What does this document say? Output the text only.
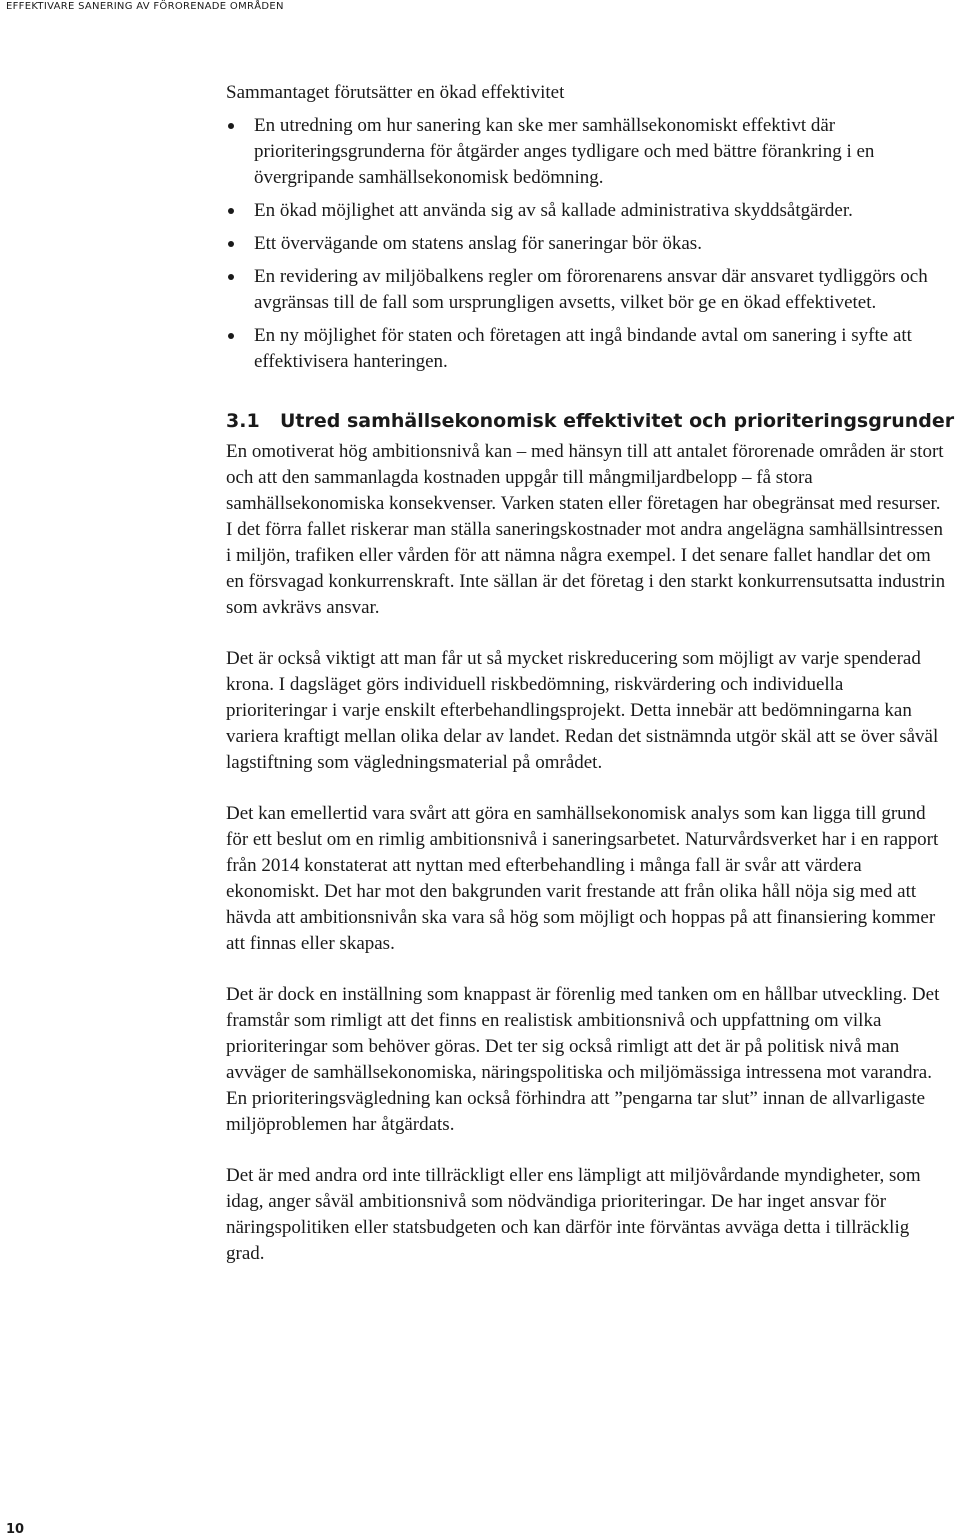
EFFEKTIVARE SANERING AV FÖRORENADE OMRÅDEN

Sammantaget förutsätter en ökad effektivitet

En utredning om hur sanering kan ske mer samhällsekonomiskt effektivt där prioriteringsgrunderna för åtgärder anges tydligare och med bättre förankring i en övergripande samhällsekonomisk bedömning.
En ökad möjlighet att använda sig av så kallade administrativa skyddsåtgärder.
Ett övervägande om statens anslag för saneringar bör ökas.
En revidering av miljöbalkens regler om förorenarens ansvar där ansvaret tydliggörs och avgränsas till de fall som ursprungligen avsetts, vilket bör ge en ökad effektivetet.
En ny möjlighet för staten och företagen att ingå bindande avtal om sanering i syfte att effektivisera hanteringen.
3.1 Utred samhällsekonomisk effektivitet och prioriteringsgrunder

En omotiverat hög ambitionsnivå kan – med hänsyn till att antalet förorenade områden är stort och att den sammanlagda kostnaden uppgår till mångmiljardbelopp – få stora samhällsekonomiska konsekvenser. Varken staten eller företagen har obegränsat med resurser. I det förra fallet riskerar man ställa saneringskostnader mot andra angelägna samhällsintressen i miljön, trafiken eller vården för att nämna några exempel. I det senare fallet handlar det om en försvagad konkurrenskraft. Inte sällan är det företag i den starkt konkurrensutsatta industrin som avkrävs ansvar.

Det är också viktigt att man får ut så mycket riskreducering som möjligt av varje spenderad krona. I dagsläget görs individuell riskbedömning, riskvärdering och individuella prioriteringar i varje enskilt efterbehandlingsprojekt. Detta innebär att bedömningarna kan variera kraftigt mellan olika delar av landet. Redan det sistnämnda utgör skäl att se över såväl lagstiftning som vägledningsmaterial på området.

Det kan emellertid vara svårt att göra en samhällsekonomisk analys som kan ligga till grund för ett beslut om en rimlig ambitionsnivå i saneringsarbetet. Naturvårdsverket har i en rapport från 2014 konstaterat att nyttan med efterbehandling i många fall är svår att värdera ekonomiskt. Det har mot den bakgrunden varit frestande att från olika håll nöja sig med att hävda att ambitionsnivån ska vara så hög som möjligt och hoppas på att finansiering kommer att finnas eller skapas.

Det är dock en inställning som knappast är förenlig med tanken om en hållbar utveckling. Det framstår som rimligt att det finns en realistisk ambitionsnivå och uppfattning om vilka prioriteringar som behöver göras. Det ter sig också rimligt att det är på politisk nivå man avväger de samhällsekonomiska, näringspolitiska och miljömässiga intressena mot varandra. En prioriteringsvägledning kan också förhindra att ”pengarna tar slut” innan de allvarligaste miljöproblemen har åtgärdats.

Det är med andra ord inte tillräckligt eller ens lämpligt att miljövårdande myndigheter, som idag, anger såväl ambitionsnivå som nödvändiga prioriteringar. De har inget ansvar för näringspolitiken eller statsbudgeten och kan därför inte förväntas avväga detta i tillräcklig grad.

10
